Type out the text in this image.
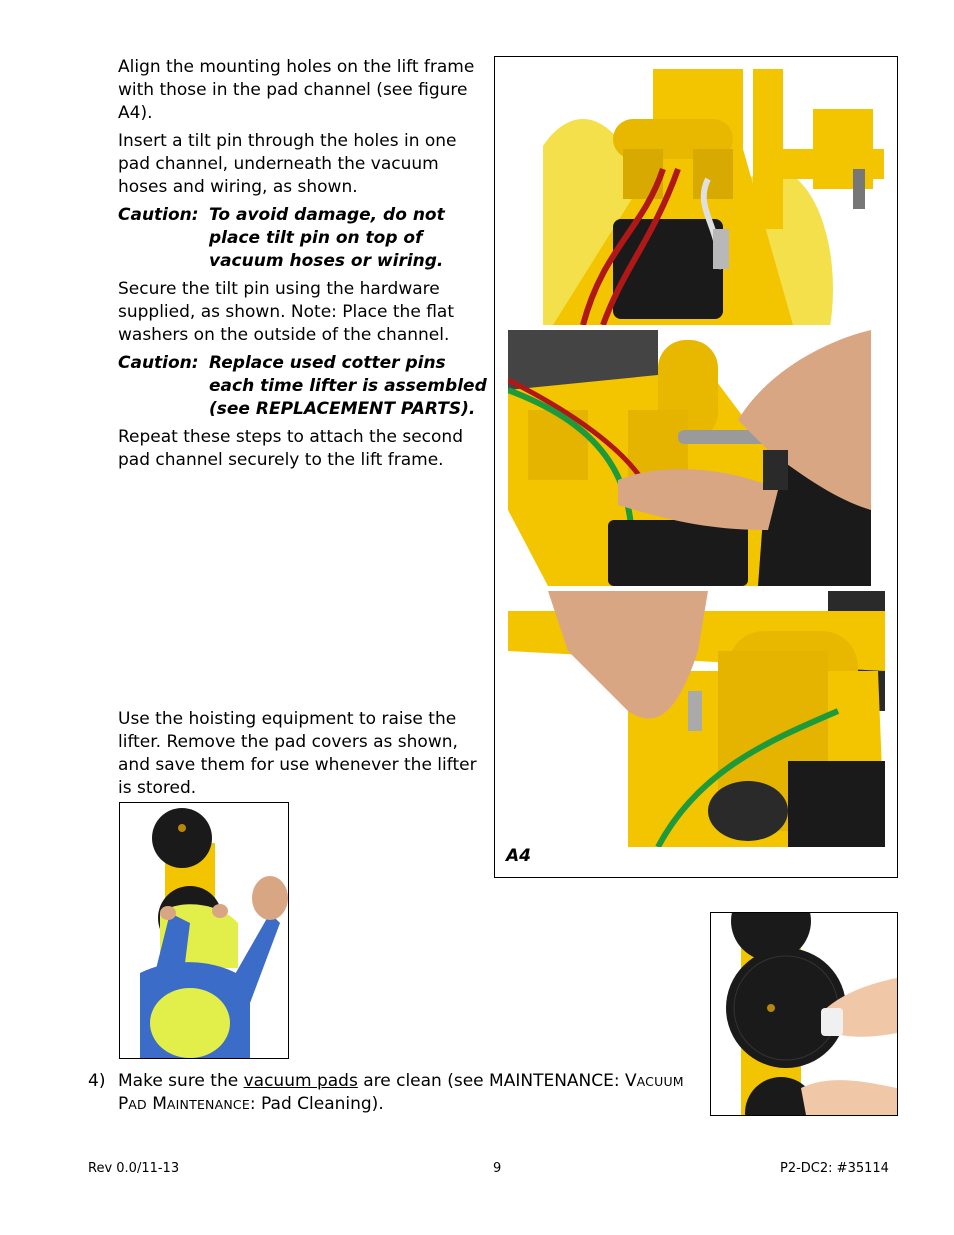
Align the mounting holes on the lift frame with those in the pad channel (see figure A4).

Insert a tilt pin through the holes in one pad channel, underneath the vacuum hoses and wiring, as shown.

Caution: To avoid damage, do not place tilt pin on top of vacuum hoses or wiring.

Secure the tilt pin using the hardware supplied, as shown. Note: Place the flat washers on the outside of the channel.

Caution: Replace used cotter pins each time lifter is assembled (see REPLACEMENT PARTS).

Repeat these steps to attach the second pad channel securely to the lift frame.

Use the hoisting equipment to raise the lifter. Remove the pad covers as shown, and save them for use whenever the lifter is stored.

A4
4) Make sure the vacuum pads are clean (see MAINTENANCE: VACUUM
PAD MAINTENANCE: Pad Cleaning).
Rev 0.0/11-13	9	P2-DC2: #35114
